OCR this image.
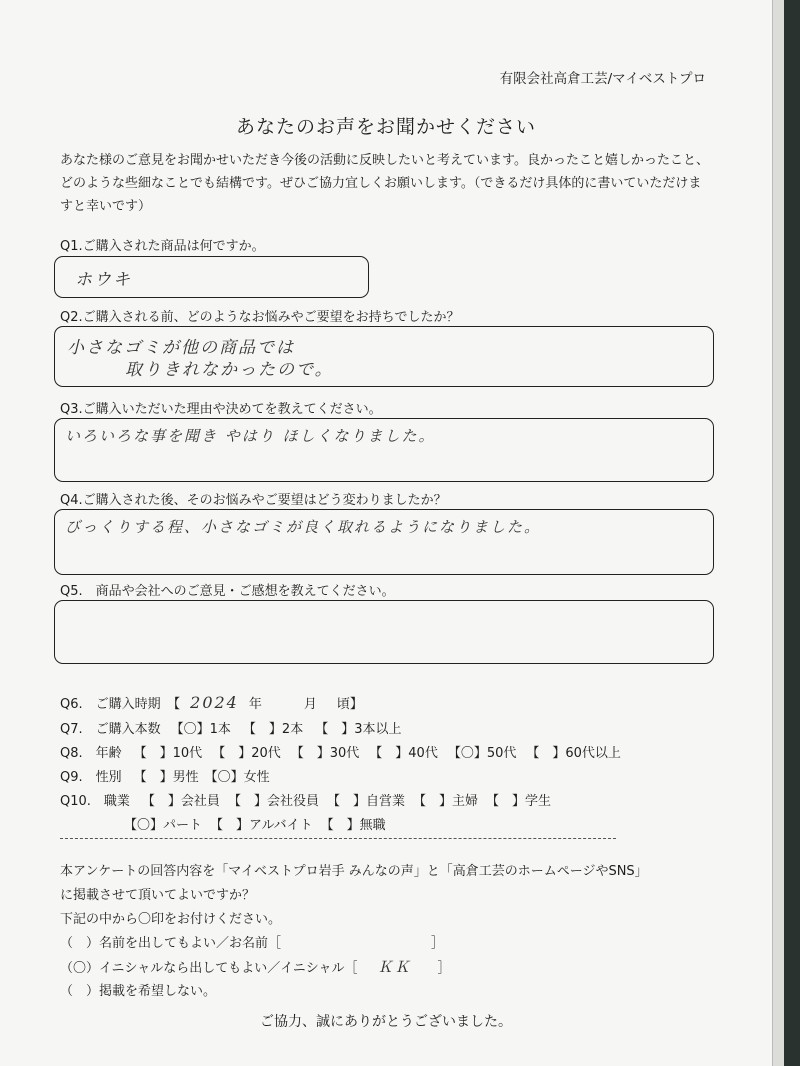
有限会社高倉工芸/マイベストプロ
あなたのお声をお聞かせください
あなた様のご意見をお聞かせいただき今後の活動に反映したいと考えています。良かったこと嬉しかったこと、
どのような些細なことでも結構です。ぜひご協力宜しくお願いします。（できるだけ具体的に書いていただけま
すと幸いです）
Q1.ご購入された商品は何ですか。
ホウキ
Q2.ご購入される前、どのようなお悩みやご要望をお持ちでしたか？
小さなゴミが他の商品では
取りきれなかったので。
Q3.ご購入いただいた理由や決めてを教えてください。
いろいろな事を聞き やはり ほしくなりました。
Q4.ご購入された後、そのお悩みやご要望はどう変わりましたか？
びっくりする程、小さなゴミが良く取れるようになりました。
Q5.　商品や会社へのご意見・ご感想を教えてください。
Q6.　ご購入時期　【 2024 年	月 頃】
Q7.　ご購入本数 【〇】1本 【　】2本 【　】3本以上
Q8.　年齢 【　】10代 【　】20代 【　】30代 【　】40代 【〇】50代 【　】60代以上
Q9.　性別 【　】男性 【〇】女性
Q10.　職業 【　】会社員 【　】会社役員 【　】自営業 【　】主婦 【　】学生
【〇】パート 【　】アルバイト 【　】無職
本アンケートの回答内容を「マイベストプロ岩手 みんなの声」と「高倉工芸のホームページやSNS」
に掲載させて頂いてよいですか？
下記の中から〇印をお付けください。
（　）名前を出してもよい／お名前［	］
（〇）イニシャルなら出してもよい／イニシャル［ ＫＫ ］
（　）掲載を希望しない。
ご協力、誠にありがとうございました。
